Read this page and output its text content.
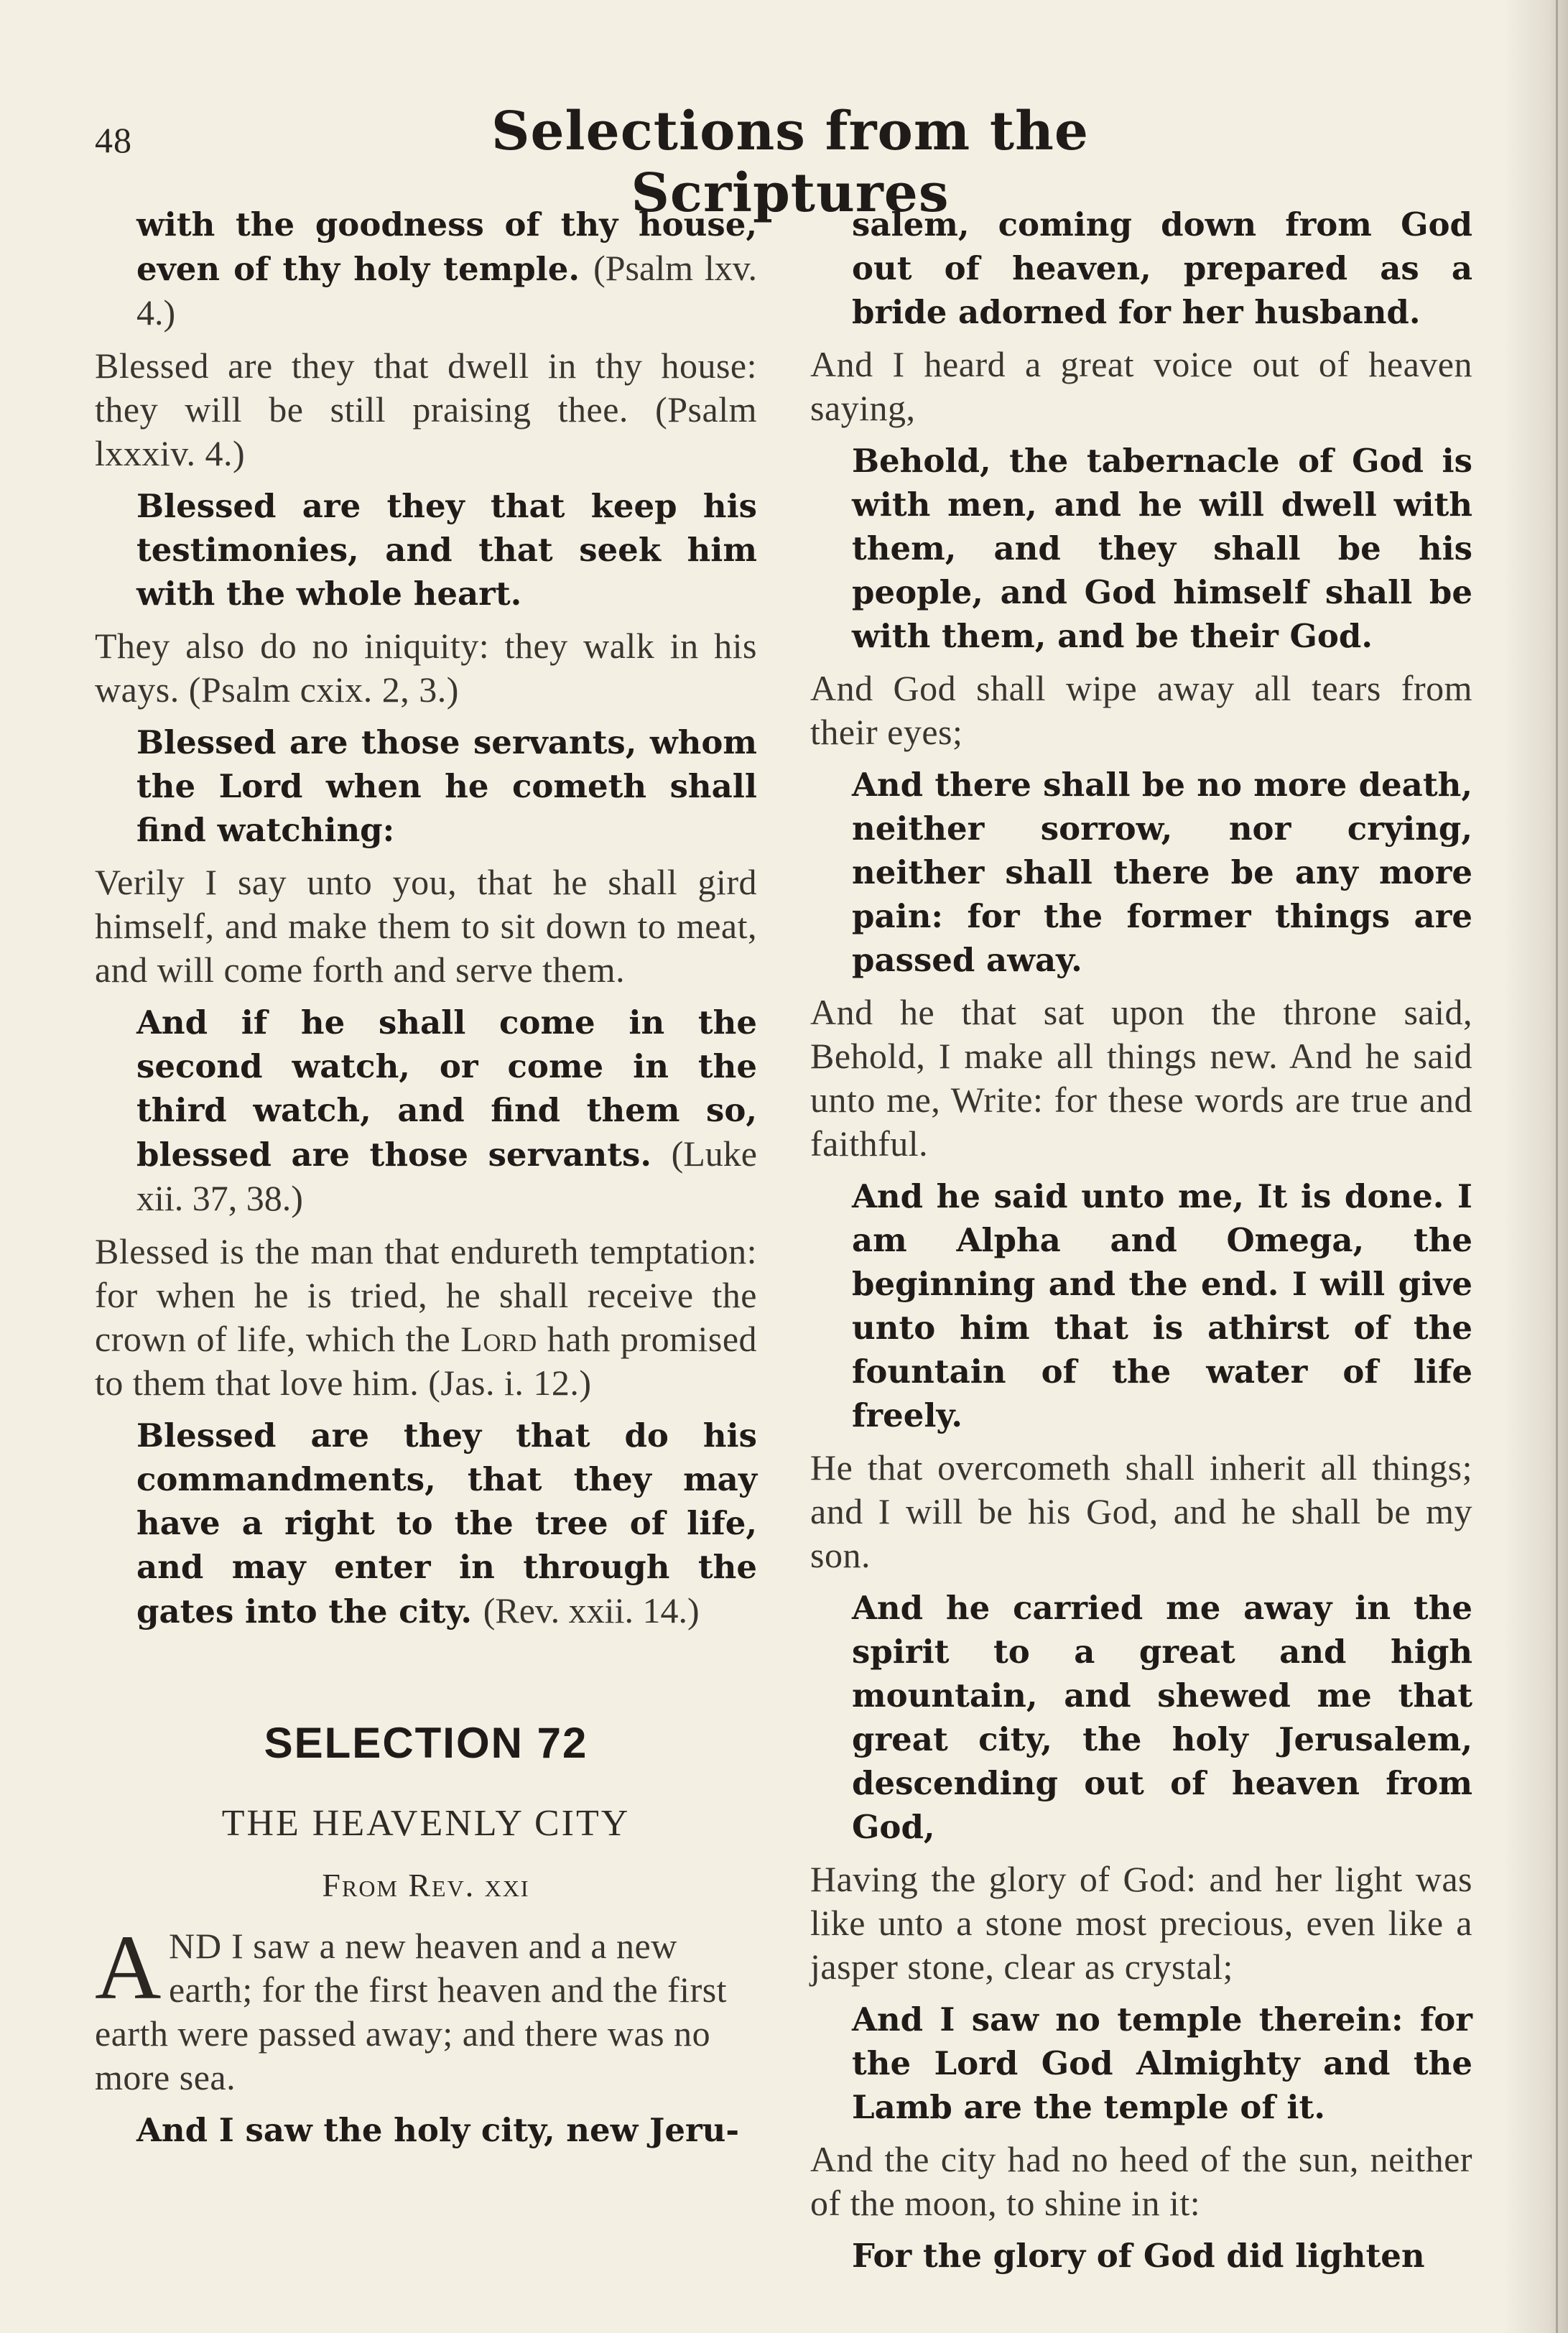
48	Selections from the Scriptures

with the goodness of thy house, even of thy holy temple. (Psalm lxv. 4.)

Blessed are they that dwell in thy house: they will be still praising thee. (Psalm lxxxiv. 4.)

Blessed are they that keep his testimonies, and that seek him with the whole heart.

They also do no iniquity: they walk in his ways. (Psalm cxix. 2, 3.)

Blessed are those servants, whom the Lord when he cometh shall find watching:

Verily I say unto you, that he shall gird himself, and make them to sit down to meat, and will come forth and serve them.

And if he shall come in the second watch, or come in the third watch, and find them so, blessed are those servants. (Luke xii. 37, 38.)

Blessed is the man that endureth temptation: for when he is tried, he shall receive the crown of life, which the Lord hath promised to them that love him. (Jas. i. 12.)

Blessed are they that do his commandments, that they may have a right to the tree of life, and may enter in through the gates into the city. (Rev. xxii. 14.)

SELECTION 72
THE HEAVENLY CITY
From Rev. xxi

AND I saw a new heaven and a new earth; for the first heaven and the first earth were passed away; and there was no more sea.

And I saw the holy city, new Jeru-

salem, coming down from God out of heaven, prepared as a bride adorned for her husband.

And I heard a great voice out of heaven saying,

Behold, the tabernacle of God is with men, and he will dwell with them, and they shall be his people, and God himself shall be with them, and be their God.

And God shall wipe away all tears from their eyes;

And there shall be no more death, neither sorrow, nor crying, neither shall there be any more pain: for the former things are passed away.

And he that sat upon the throne said, Behold, I make all things new. And he said unto me, Write: for these words are true and faithful.

And he said unto me, It is done. I am Alpha and Omega, the beginning and the end. I will give unto him that is athirst of the fountain of the water of life freely.

He that overcometh shall inherit all things; and I will be his God, and he shall be my son.

And he carried me away in the spirit to a great and high mountain, and shewed me that great city, the holy Jerusalem, descending out of heaven from God,

Having the glory of God: and her light was like unto a stone most precious, even like a jasper stone, clear as crystal;

And I saw no temple therein: for the Lord God Almighty and the Lamb are the temple of it.

And the city had no heed of the sun, neither of the moon, to shine in it:

For the glory of God did lighten
